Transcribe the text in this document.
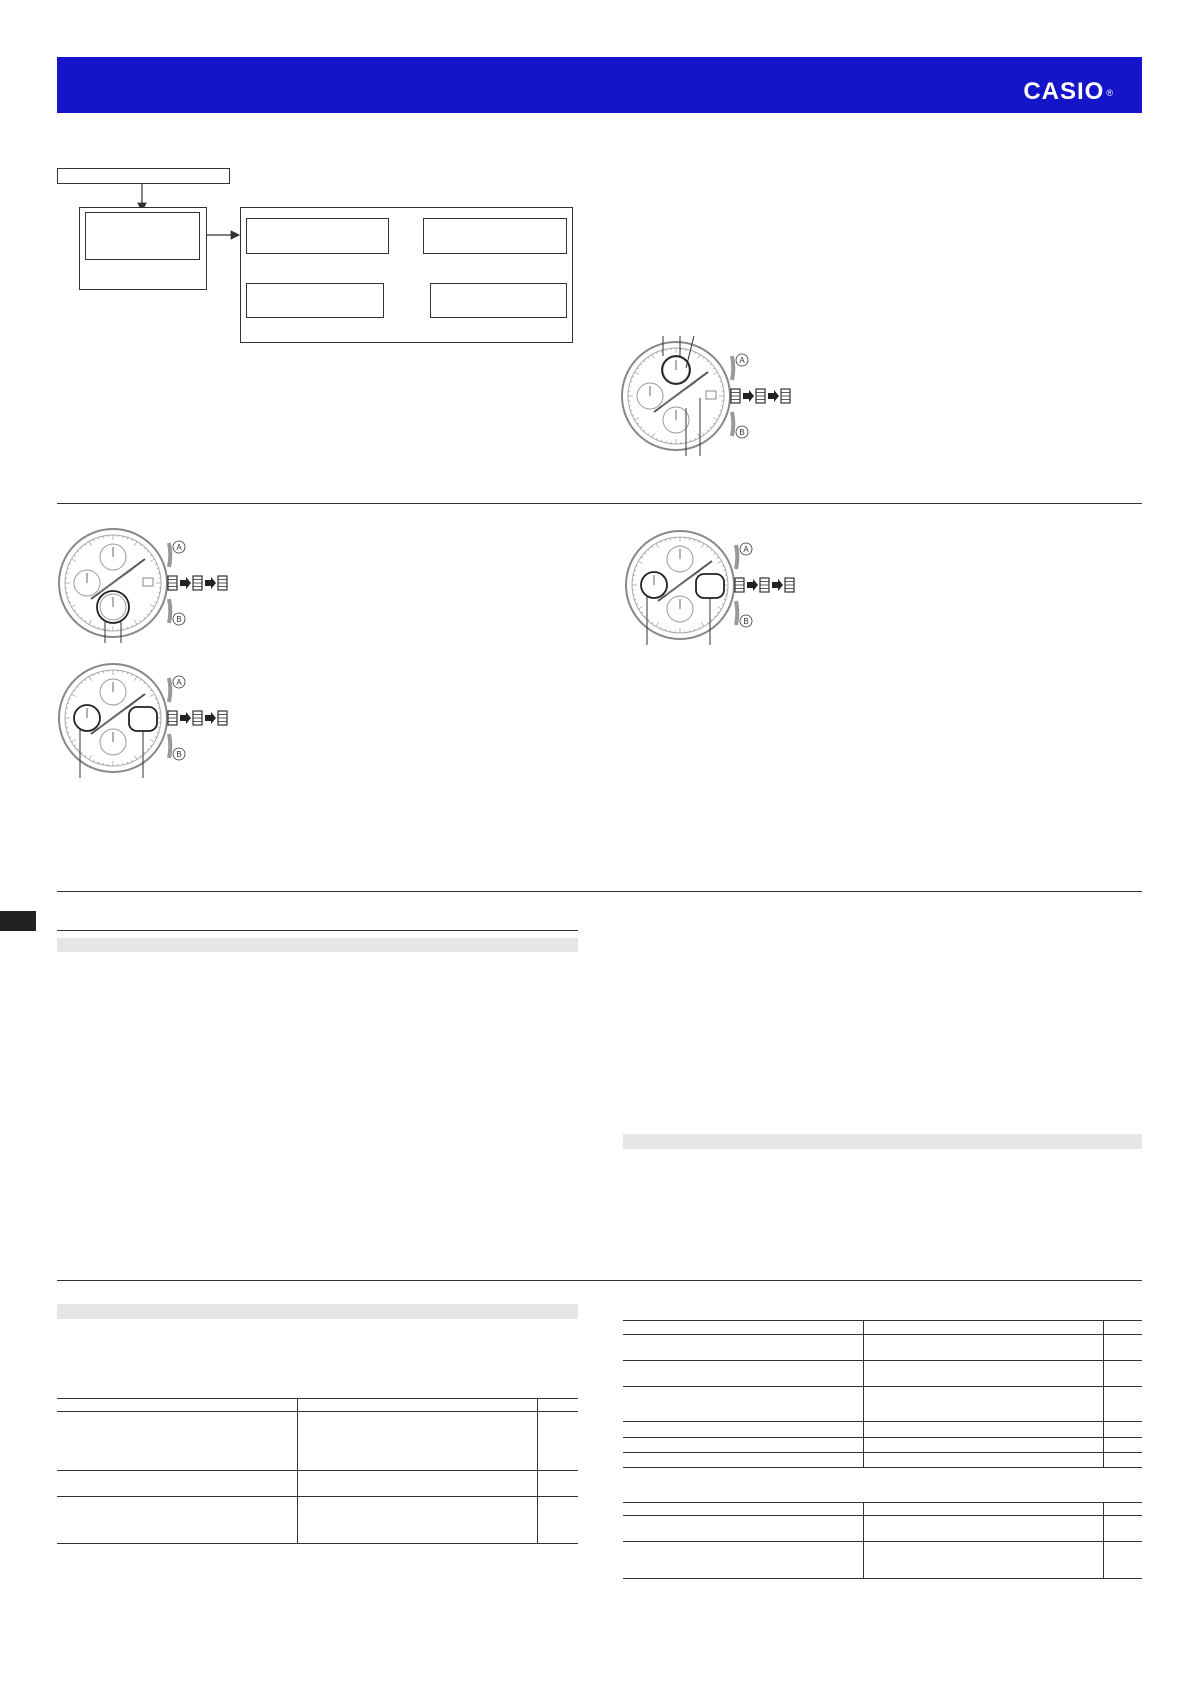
CASIO ®
A
B
A
B
A
B
A
B
